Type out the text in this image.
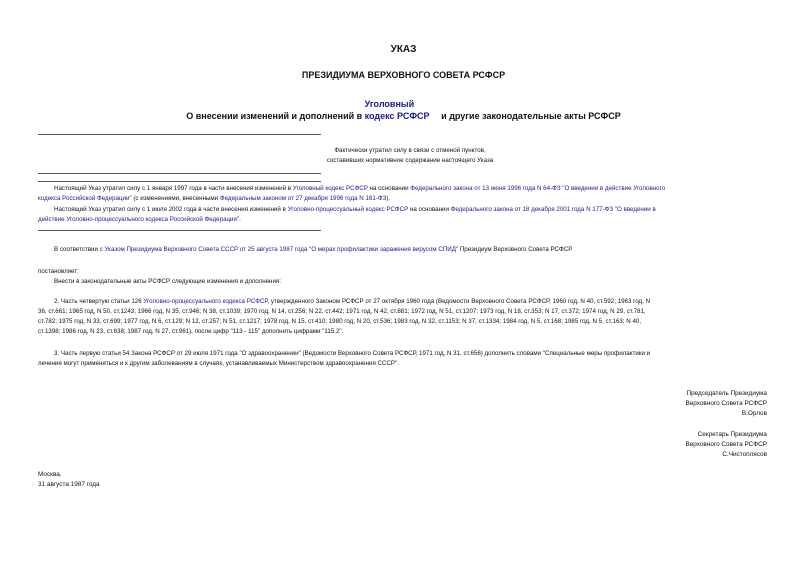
УКАЗ
ПРЕЗИДИУМА ВЕРХОВНОГО СОВЕТА РСФСР
О внесении изменений и дополнений в Уголовный кодекс РСФСР и другие законодательные акты РСФСР
Фактически утратил силу в связи с отменой пунктов,
составивших нормативное содержание настоящего Указа
Настоящий Указ утратил силу с 1 января 1997 года в части внесения изменений в Уголовный кодекс РСФСР на основании Федерального закона от 13 июня 1996 года N 64-ФЗ "О введении в действие Уголовного
кодекса Российской Федерации" (с изменениями, внесенными Федеральным законом от 27 декабря 1996 года N 161-ФЗ).
Настоящий Указ утратил силу с 1 июля 2002 года в части внесения изменений в Уголовно-процессуальный кодекс РСФСР на основании Федерального закона от 18 декабря 2001 года N 177-ФЗ "О введении в
действие Уголовно-процессуального кодекса Российской Федерации".
В соответствии с Указом Президиума Верховного Совета СССР от 25 августа 1987 года "О мерах профилактики заражения вирусом СПИД" Президиум Верховного Совета РСФСР
постановляет:
Внести в законодательные акты РСФСР следующие изменения и дополнения:
2. Часть четвертую статьи 126 Уголовно-процессуального кодекса РСФСР, утвержденного Законом РСФСР от 27 октября 1960 года (Ведомости Верховного Совета РСФСР, 1960 год, N 40, ст.592; 1963 год, N
36, ст.661; 1965 год, N 50, ст.1243; 1966 год, N 35, ст.946; N 38, ст.1039; 1970 год, N 14, ст.256; N 22, ст.442; 1971 год, N 42, ст.881; 1972 год, N 51, ст.1207; 1973 год, N 18, ст.353; N 17, ст.372; 1974 год, N 29, ст.781,
ст.782; 1975 год, N 33, ст.699; 1977 год, N 6, ст.129; N 12, ст.257; N 51, ст.1217; 1978 год, N 15, ст.410; 1980 год, N 20, ст.536; 1983 год, N 32, ст.1153; N 37, ст.1334; 1984 год, N 5, ст.168; 1985 год, N 5, ст.163; N 40,
ст.1398; 1986 год, N 23, ст.638; 1987 год, N 27, ст.961), после цифр "113 - 115" дополнить цифрами "115.2".
3. Часть первую статьи 54 Закона РСФСР от 29 июля 1971 года "О здравоохранении" (Ведомости Верховного Совета РСФСР, 1971 год, N 31, ст.656) дополнить словами "Специальные меры профилактики и
лечения могут применяться и к другим заболеваниям в случаях, устанавливаемых Министерством здравоохранения СССР".
Председатель Президиума
Верховного Совета РСФСР
В.Орлов
Секретарь Президиума
Верховного Совета РСФСР
С.Чистоплясов
Москва,
31 августа 1987 года
